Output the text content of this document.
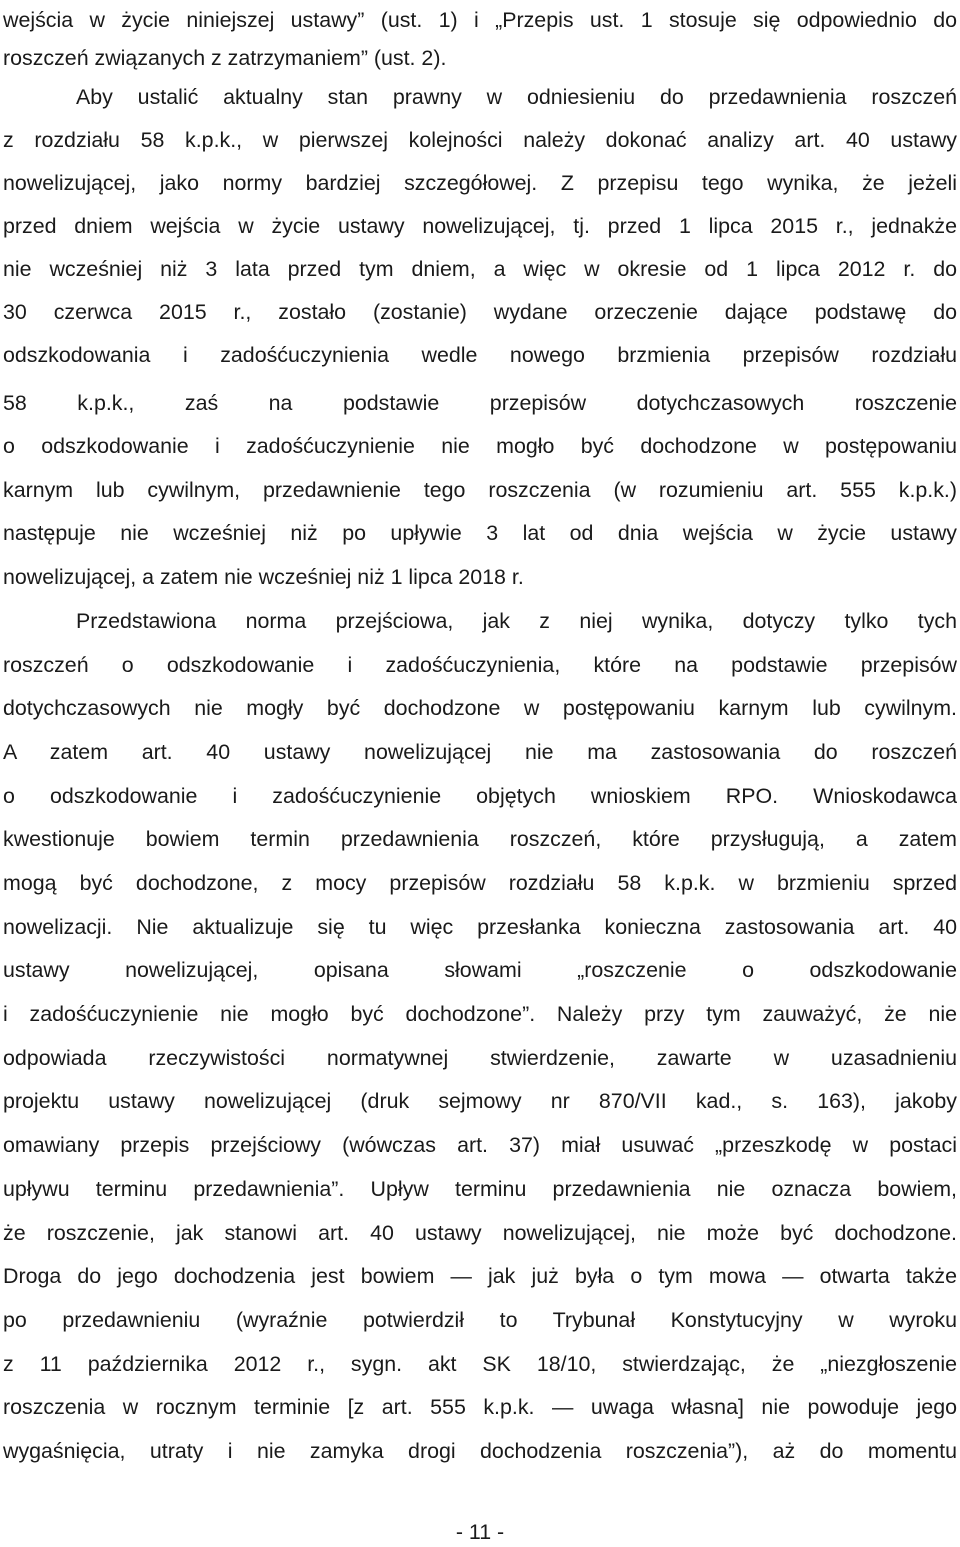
wejścia w życie niniejszej ustawy” (ust. 1) i „Przepis ust. 1 stosuje się odpowiednio do
roszczeń związanych z zatrzymaniem” (ust. 2).
Aby ustalić aktualny stan prawny w odniesieniu do przedawnienia roszczeń
z rozdziału 58 k.p.k., w pierwszej kolejności należy dokonać analizy art. 40 ustawy
nowelizującej, jako normy bardziej szczegółowej. Z przepisu tego wynika, że jeżeli
przed dniem wejścia w życie ustawy nowelizującej, tj. przed 1 lipca 2015 r., jednakże
nie wcześniej niż 3 lata przed tym dniem, a więc w okresie od 1 lipca 2012 r. do
30 czerwca 2015 r., zostało (zostanie) wydane orzeczenie dające podstawę do
odszkodowania i zadośćuczynienia wedle nowego brzmienia przepisów rozdziału
58 k.p.k., zaś na podstawie przepisów dotychczasowych roszczenie
o odszkodowanie i zadośćuczynienie nie mogło być dochodzone w postępowaniu
karnym lub cywilnym, przedawnienie tego roszczenia (w rozumieniu art. 555 k.p.k.)
następuje nie wcześniej niż po upływie 3 lat od dnia wejścia w życie ustawy
nowelizującej, a zatem nie wcześniej niż 1 lipca 2018 r.
Przedstawiona norma przejściowa, jak z niej wynika, dotyczy tylko tych
roszczeń o odszkodowanie i zadośćuczynienia, które na podstawie przepisów
dotychczasowych nie mogły być dochodzone w postępowaniu karnym lub cywilnym.
A zatem art. 40 ustawy nowelizującej nie ma zastosowania do roszczeń
o odszkodowanie i zadośćuczynienie objętych wnioskiem RPO. Wnioskodawca
kwestionuje bowiem termin przedawnienia roszczeń, które przysługują, a zatem
mogą być dochodzone, z mocy przepisów rozdziału 58 k.p.k. w brzmieniu sprzed
nowelizacji. Nie aktualizuje się tu więc przesłanka konieczna zastosowania art. 40
ustawy nowelizującej, opisana słowami „roszczenie o odszkodowanie
i zadośćuczynienie nie mogło być dochodzone”. Należy przy tym zauważyć, że nie
odpowiada rzeczywistości normatywnej stwierdzenie, zawarte w uzasadnieniu
projektu ustawy nowelizującej (druk sejmowy nr 870/VII kad., s. 163), jakoby
omawiany przepis przejściowy (wówczas art. 37) miał usuwać „przeszkodę w postaci
upływu terminu przedawnienia”. Upływ terminu przedawnienia nie oznacza bowiem,
że roszczenie, jak stanowi art. 40 ustawy nowelizującej, nie może być dochodzone.
Droga do jego dochodzenia jest bowiem — jak już była o tym mowa — otwarta także
po przedawnieniu (wyraźnie potwierdził to Trybunał Konstytucyjny w wyroku
z 11 października 2012 r., sygn. akt SK 18/10, stwierdzając, że „niezgłoszenie
roszczenia w rocznym terminie [z art. 555 k.p.k. — uwaga własna] nie powoduje jego
wygaśnięcia, utraty i nie zamyka drogi dochodzenia roszczenia”), aż do momentu
- 11 -
